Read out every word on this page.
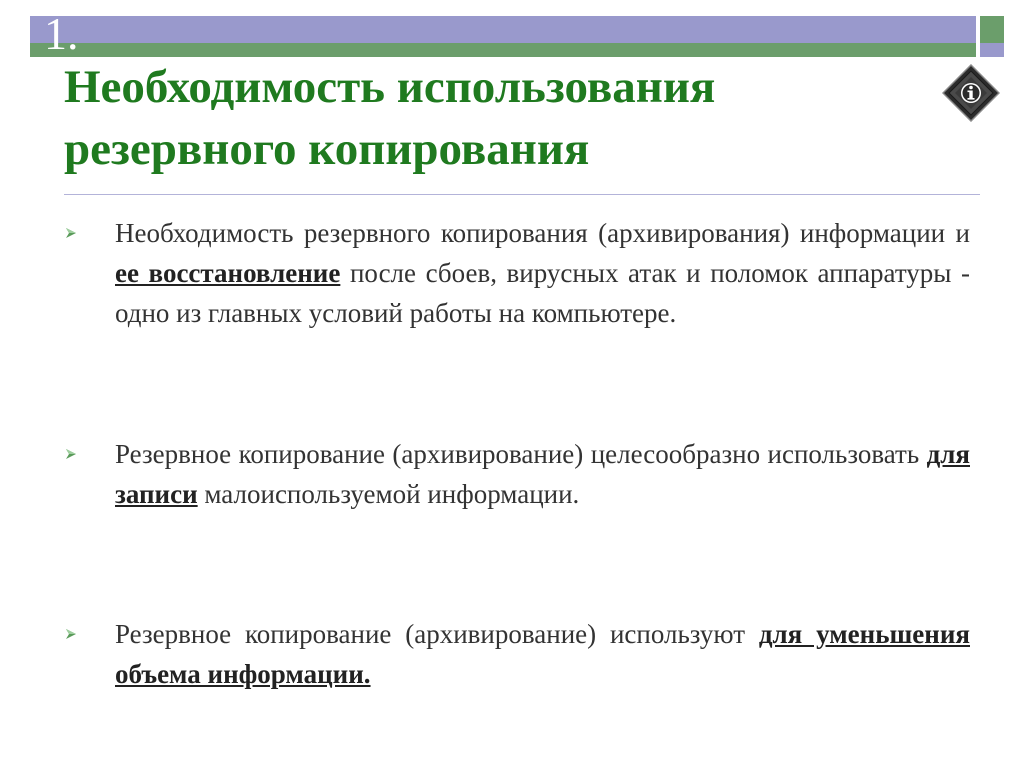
1.
Необходимость использования
резервного копирования
Необходимость резервного копирования (архивирования) информации и ее восстановление после сбоев, вирусных атак и поломок аппаратуры - одно из главных условий работы на компьютере.
Резервное копирование (архивирование) целесообразно использовать для записи малоиспользуемой информации.
Резервное копирование (архивирование) используют для уменьшения объема информации.
